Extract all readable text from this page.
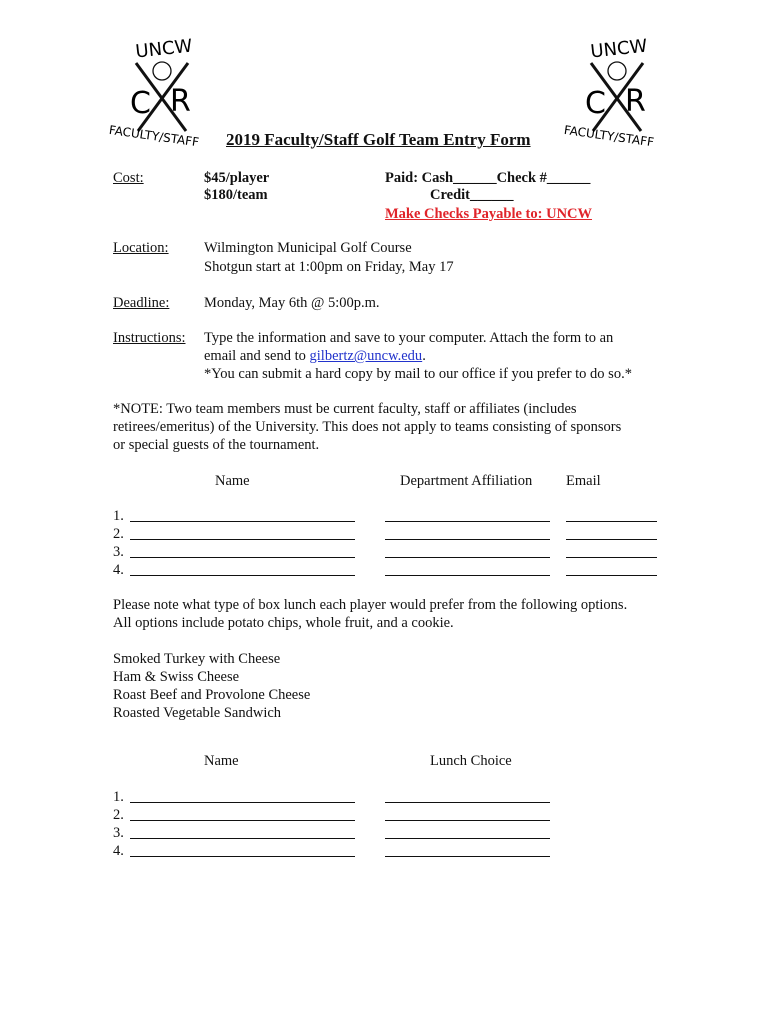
UNCW
C R
FACULTY/STAFF
UNCW
C R
FACULTY/STAFF
2019 Faculty/Staff Golf Team Entry Form
Cost:	$45/player
$180/team
Paid: Cash______Check #______
Credit______
Make Checks Payable to: UNCW
Location: Wilmington Municipal Golf Course
Shotgun start at 1:00pm on Friday, May 17
Deadline: Monday, May 6th @ 5:00p.m.
Instructions: Type the information and save to your computer. Attach the form to an
email and send to gilbertz@uncw.edu.
*You can submit a hard copy by mail to our office if you prefer to do so.*
*NOTE: Two team members must be current faculty, staff or affiliates (includes
retirees/emeritus) of the University. This does not apply to teams consisting of sponsors
or special guests of the tournament.
Name	Department Affiliation Email
1.
2.
3.
4.
Please note what type of box lunch each player would prefer from the following options.
All options include potato chips, whole fruit, and a cookie.
Smoked Turkey with Cheese
Ham & Swiss Cheese
Roast Beef and Provolone Cheese
Roasted Vegetable Sandwich
Name	Lunch Choice
1.
2.
3.
4.
